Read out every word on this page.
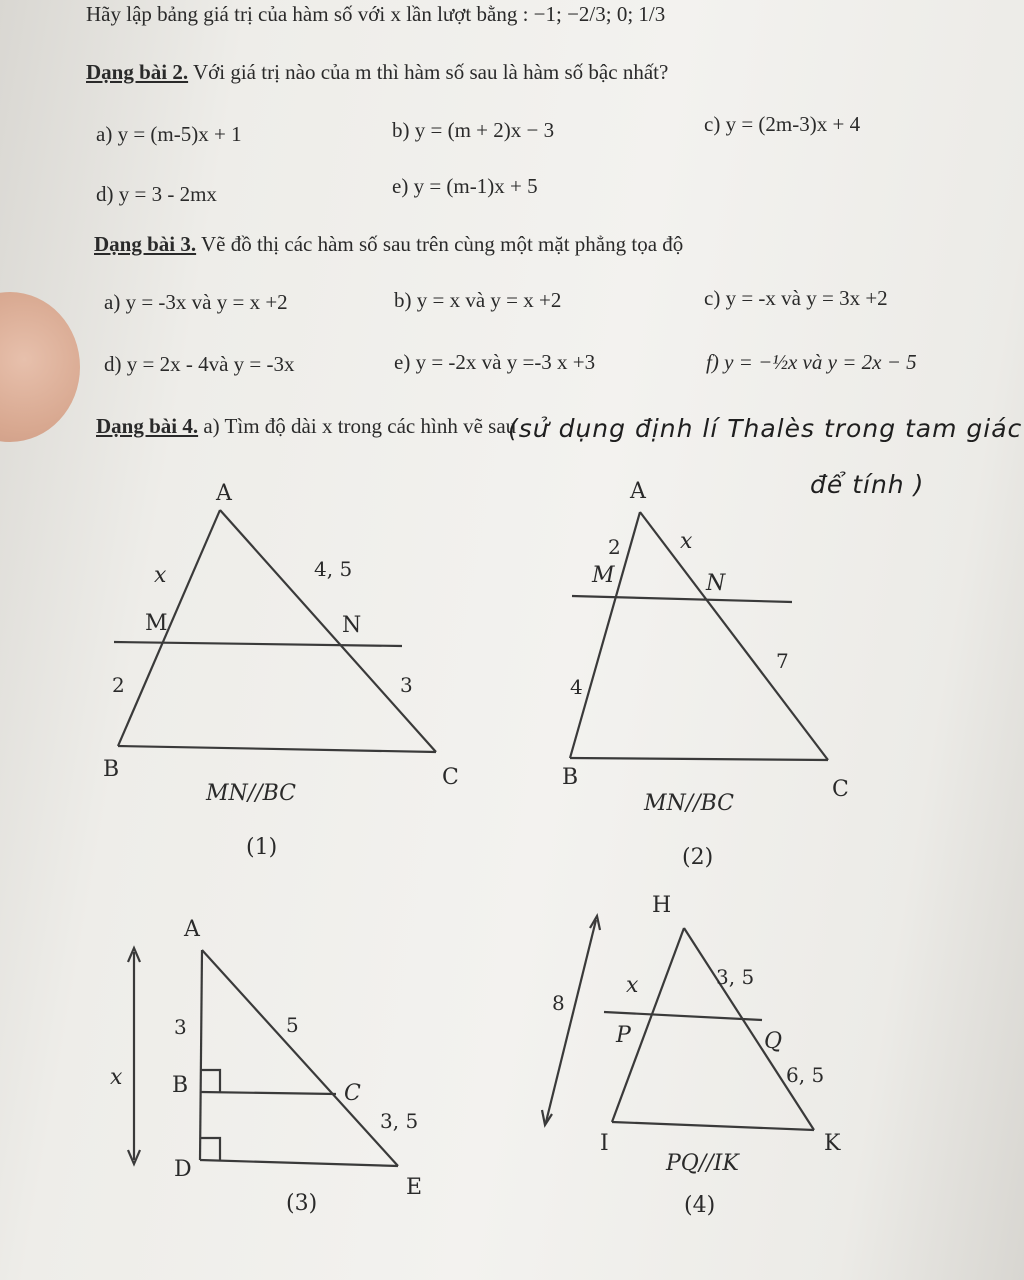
Hãy lập bảng giá trị của hàm số với x lần lượt bằng : −1; −2/3; 0; 1/3
Dạng bài 2. Với giá trị nào của m thì hàm số sau là hàm số bậc nhất?
a) y = (m-5)x + 1	b) y = (m + 2)x − 3	c) y = (2m-3)x + 4
d) y = 3 - 2mx	e) y = (m-1)x + 5
Dạng bài 3. Vẽ đồ thị các hàm số sau trên cùng một mặt phẳng tọa độ
a) y = -3x và y = x +2	b) y = x và y = x +2	c) y = -x và y = 3x +2
d) y = 2x - 4và y = -3x	e) y = -2x và y =-3 x +3	f) y = −½x và y = 2x − 5
Dạng bài 4. a) Tìm độ dài x trong các hình vẽ sau
(sử dụng định lí Thalès trong tam giác
để tính )
A
B	C
M	N
x
2
4, 5
3
MN//BC
(1)
A
B	C
M	N
2	x
4
7
MN//BC
(2)
A
B	C
D
E
3	5
3, 5
x
(3)
H
P	Q
I	K
x	3, 5
6, 5
8
PQ//IK
(4)
